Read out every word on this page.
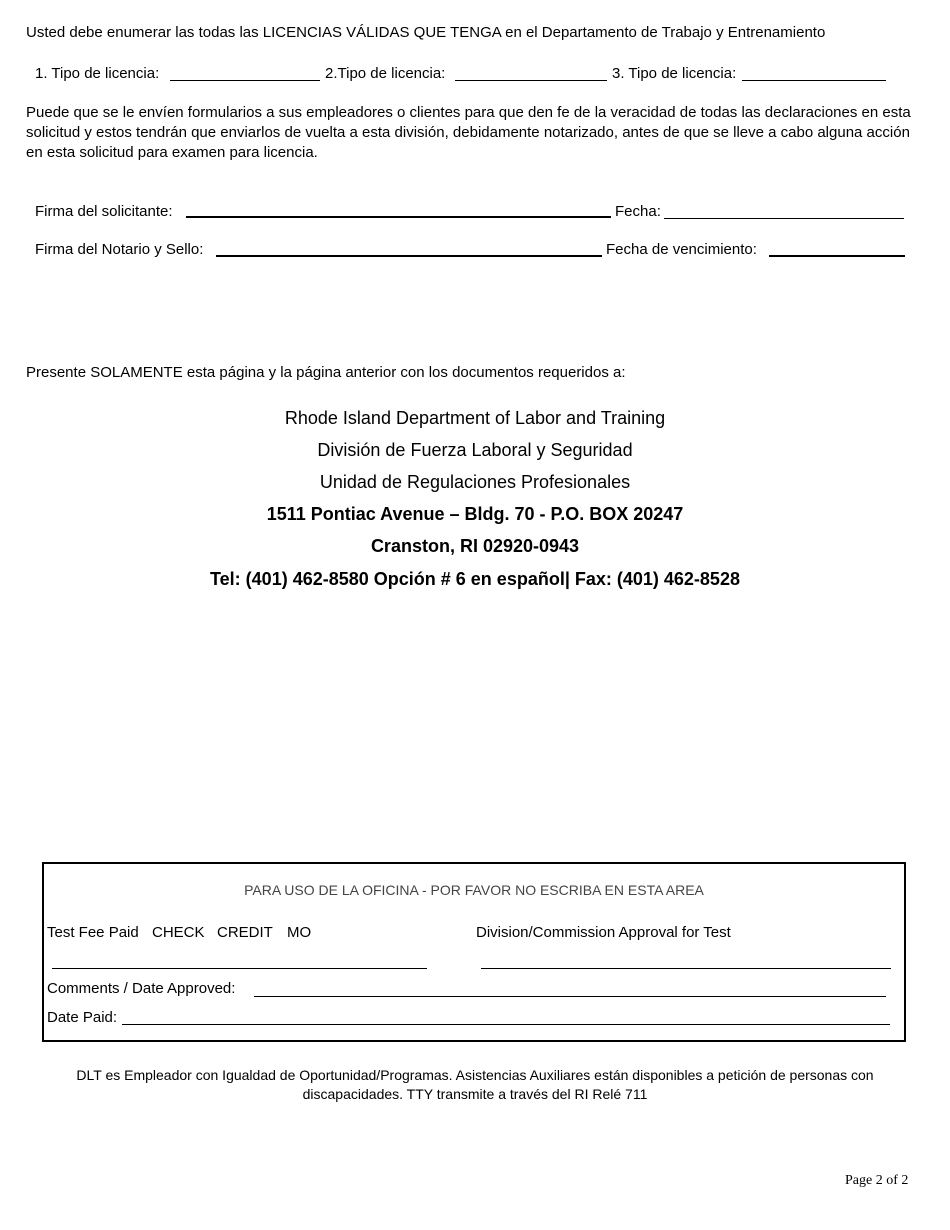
Usted debe enumerar las todas las LICENCIAS VÁLIDAS QUE TENGA en el Departamento de Trabajo y Entrenamiento
1. Tipo de licencia:	2.Tipo de licencia:	3. Tipo de licencia:
Puede que se le envíen formularios a sus empleadores o clientes para que den fe de la veracidad de todas las declaraciones en esta solicitud y estos tendrán que enviarlos de vuelta a esta división, debidamente notarizado, antes de que se lleve a cabo alguna acción en esta solicitud para examen para licencia.
Firma del solicitante:	Fecha:
Firma del Notario y Sello:	Fecha de vencimiento:
Presente SOLAMENTE esta página y la página anterior con los documentos requeridos a:
Rhode Island Department of Labor and Training
División de Fuerza Laboral y Seguridad
Unidad de Regulaciones Profesionales
1511 Pontiac Avenue – Bldg. 70 - P.O. BOX 20247
Cranston, RI 02920-0943
Tel: (401) 462-8580 Opción # 6 en español| Fax: (401) 462-8528
PARA USO DE LA OFICINA - POR FAVOR NO ESCRIBA EN ESTA AREA
Test Fee Paid CHECK CREDIT MO	Division/Commission Approval for Test
Comments / Date Approved:
Date Paid:
DLT es Empleador con Igualdad de Oportunidad/Programas. Asistencias Auxiliares están disponibles a petición de personas con discapacidades. TTY transmite a través del RI Relé 711
Page 2 of 2
